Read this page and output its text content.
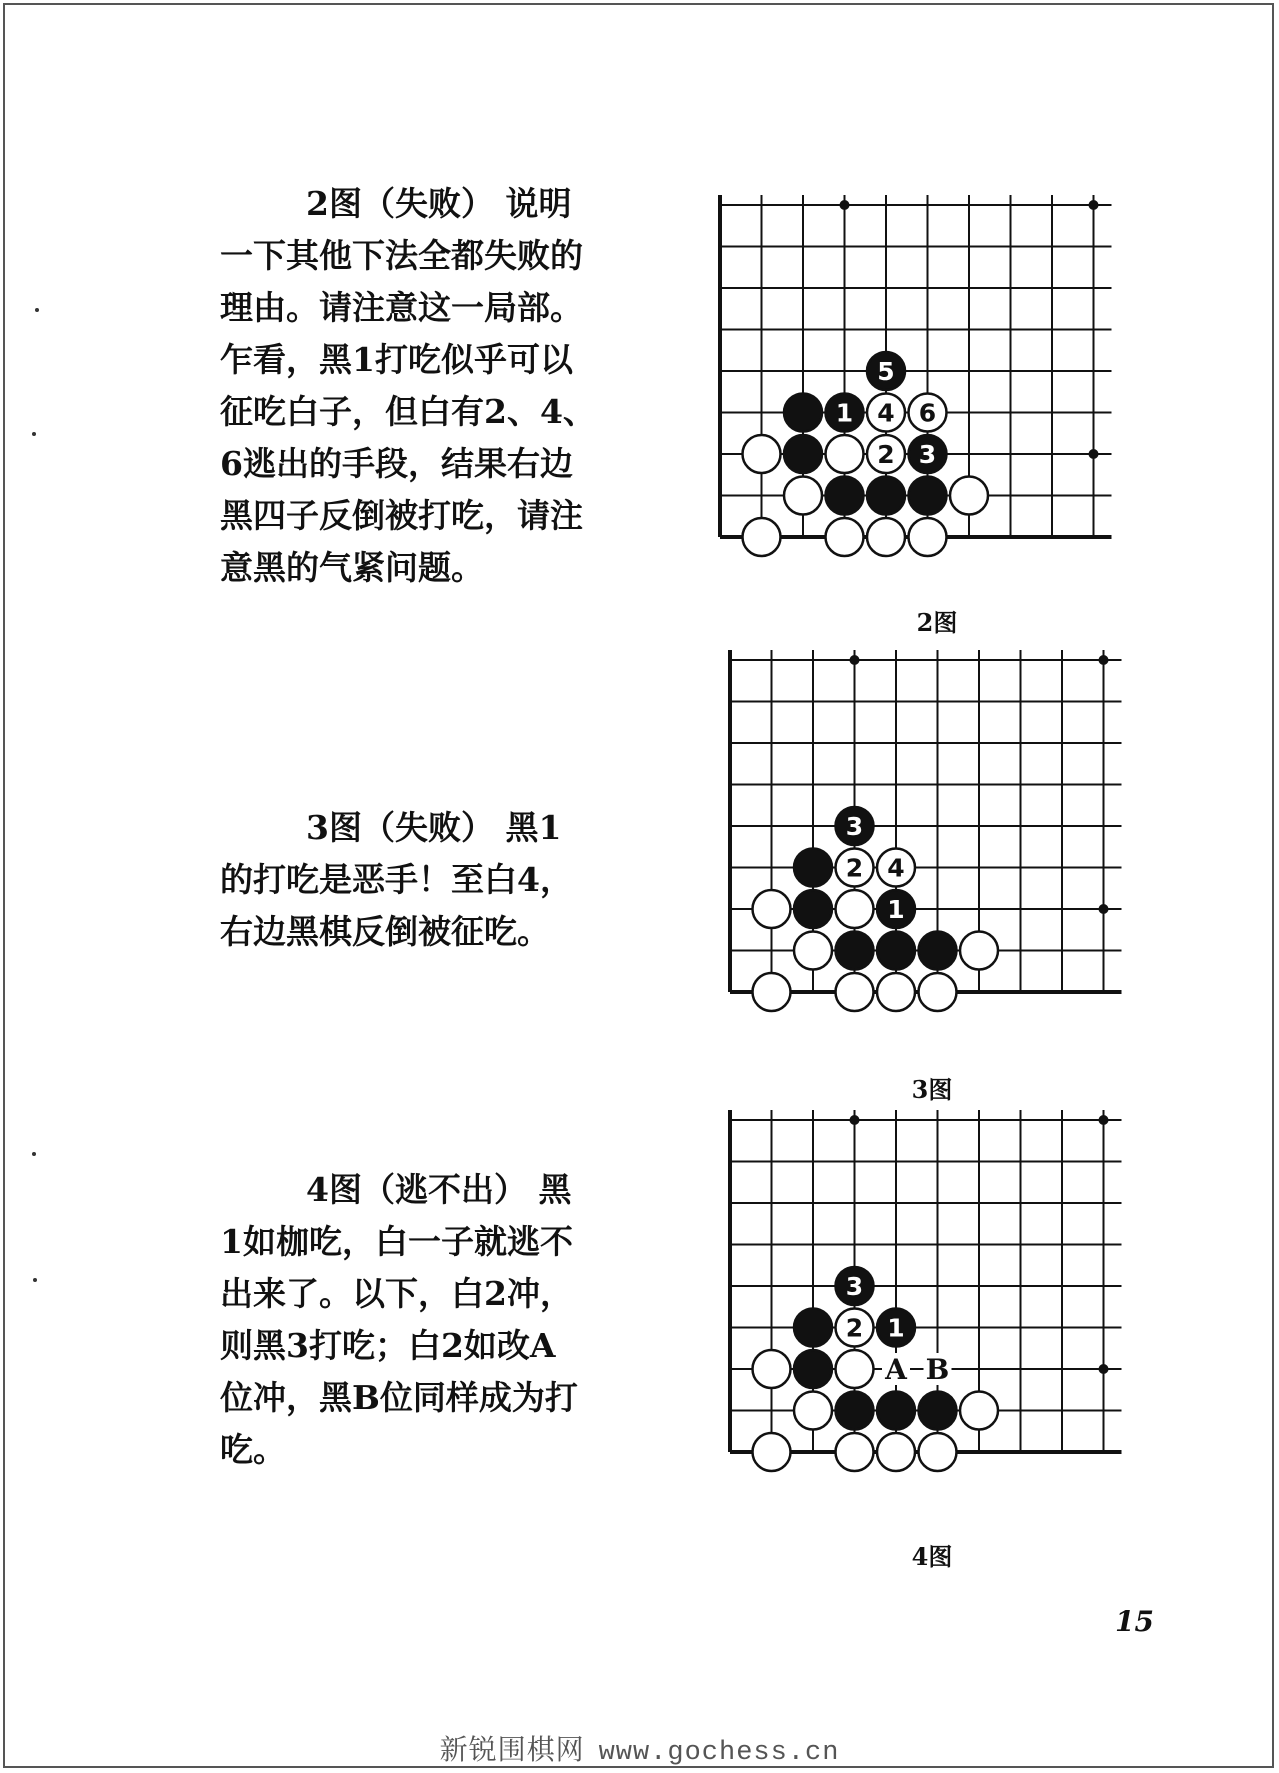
2图（失败） 说明
一下其他下法全都失败的
理由。请注意这一局部。
乍看，黑1打吃似乎可以
征吃白子，但白有2、4、
6逃出的手段，结果右边
黑四子反倒被打吃，请注
意黑的气紧问题。
3图（失败） 黑1
的打吃是恶手！至白4，
右边黑棋反倒被征吃。
4图（逃不出） 黑
1如枷吃，白一子就逃不
出来了。以下，白2冲，
则黑3打吃；白2如改A
位冲，黑B位同样成为打
吃。
5
1 4 6
2 3
2图
3
2 4
1
3图
3
2 1
A B
4图
15
新锐围棋网 www.gochess.cn
